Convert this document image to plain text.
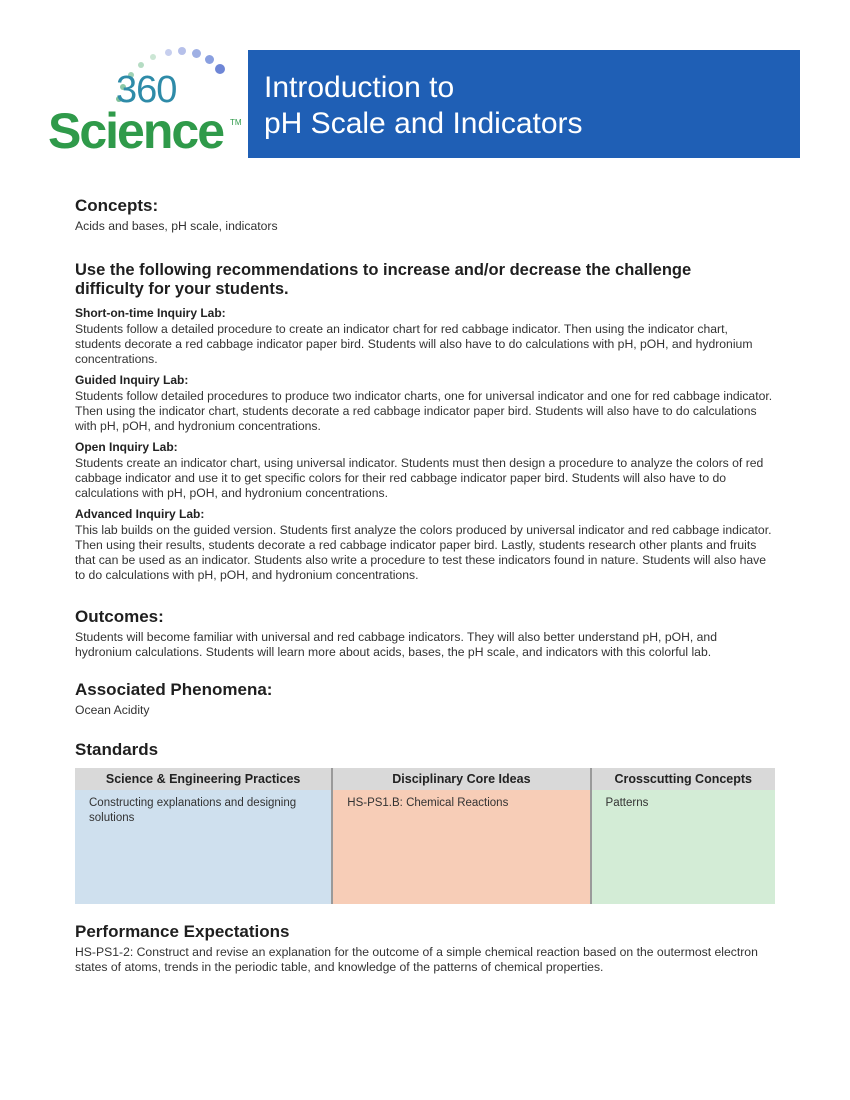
360
Science TM
Introduction to
pH Scale and Indicators
Concepts:

Acids and bases, pH scale, indicators

Use the following recommendations to increase and/or decrease the challenge

difficulty for your students.

Short-on-time Inquiry Lab:

Students follow a detailed procedure to create an indicator chart for red cabbage indicator. Then using the indicator chart, students decorate a red cabbage indicator paper bird. Students will also have to do calculations with pH, pOH, and hydronium concentrations.

Guided Inquiry Lab:

Students follow detailed procedures to produce two indicator charts, one for universal indicator and one for red cabbage indicator. Then using the indicator chart, students decorate a red cabbage indicator paper bird. Students will also have to do calculations with pH, pOH, and hydronium concentrations.

Open Inquiry Lab:

Students create an indicator chart, using universal indicator. Students must then design a procedure to analyze the colors of red cabbage indicator and use it to get specific colors for their red cabbage indicator paper bird. Students will also have to do calculations with pH, pOH, and hydronium concentrations.

Advanced Inquiry Lab:

This lab builds on the guided version. Students first analyze the colors produced by universal indicator and red cabbage indicator. Then using their results, students decorate a red cabbage indicator paper bird. Lastly, students research other plants and fruits that can be used as an indicator. Students also write a procedure to test these indicators found in nature. Students will also have to do calculations with pH, pOH, and hydronium concentrations.

Outcomes:

Students will become familiar with universal and red cabbage indicators. They will also better understand pH, pOH, and hydronium calculations. Students will learn more about acids, bases, the pH scale, and indicators with this colorful lab.

Associated Phenomena:

Ocean Acidity

Standards
Science & Engineering Practices
Constructing explanations and designing solutions
Disciplinary Core Ideas
HS-PS1.B: Chemical Reactions
Crosscutting Concepts
Patterns
Performance Expectations

HS-PS1-2: Construct and revise an explanation for the outcome of a simple chemical reaction based on the outermost electron states of atoms, trends in the periodic table, and knowledge of the patterns of chemical properties.
